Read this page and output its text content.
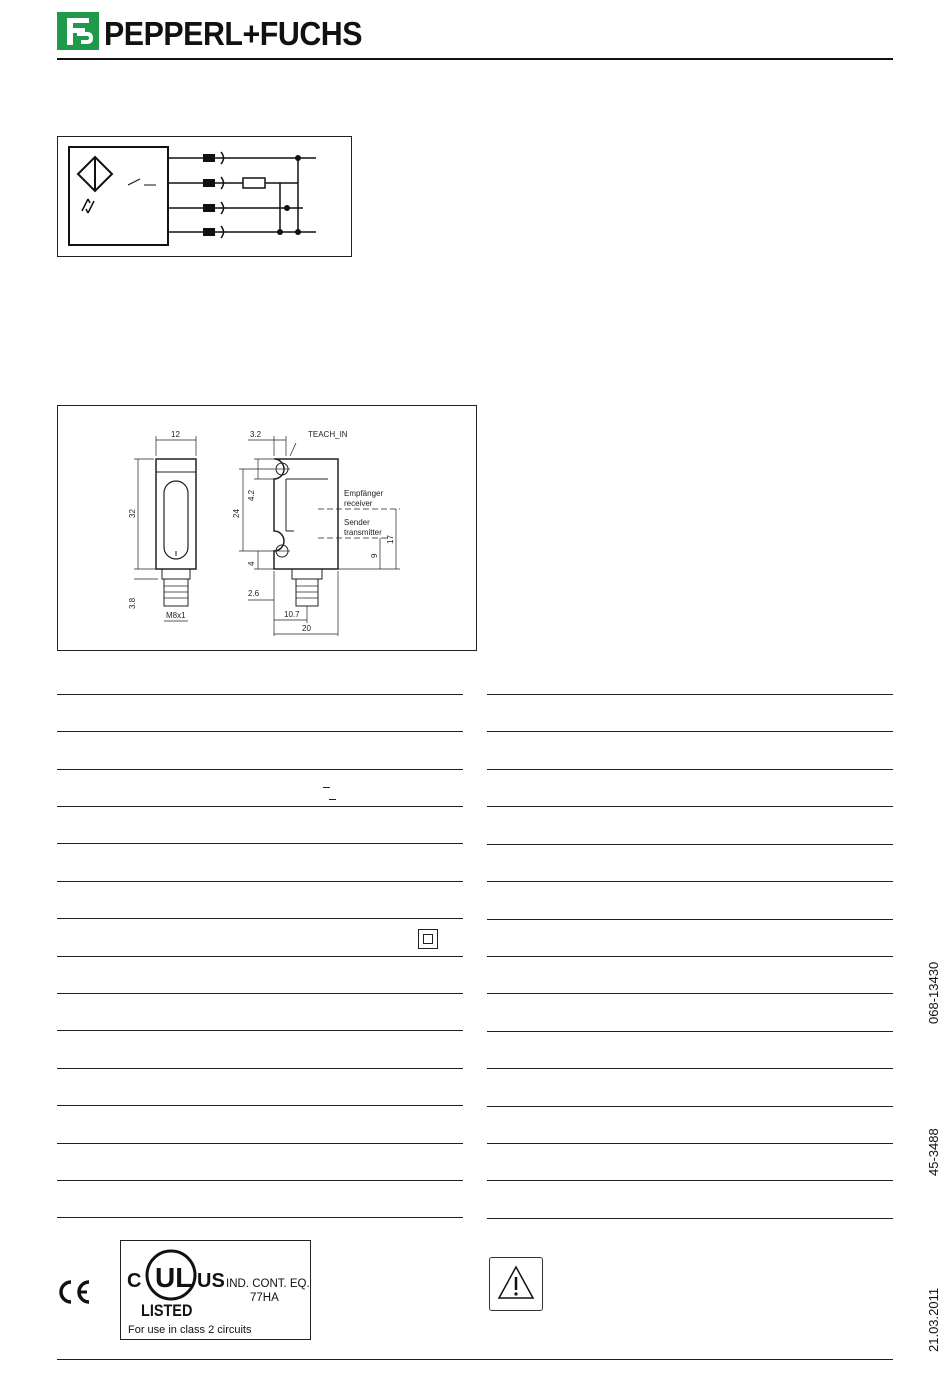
PEPPERL+FUCHS
12
32
3.8
M8x1
3.2	TEACH_IN
4.2
24
4
Empfänger
receiver
Sender
transmitter
9
17
2.6
10.7
20
068-13430
45-3488
21.03.2011
UL
C	US
LISTED
IND. CONT. EQ.
77HA
For use in class 2 circuits
